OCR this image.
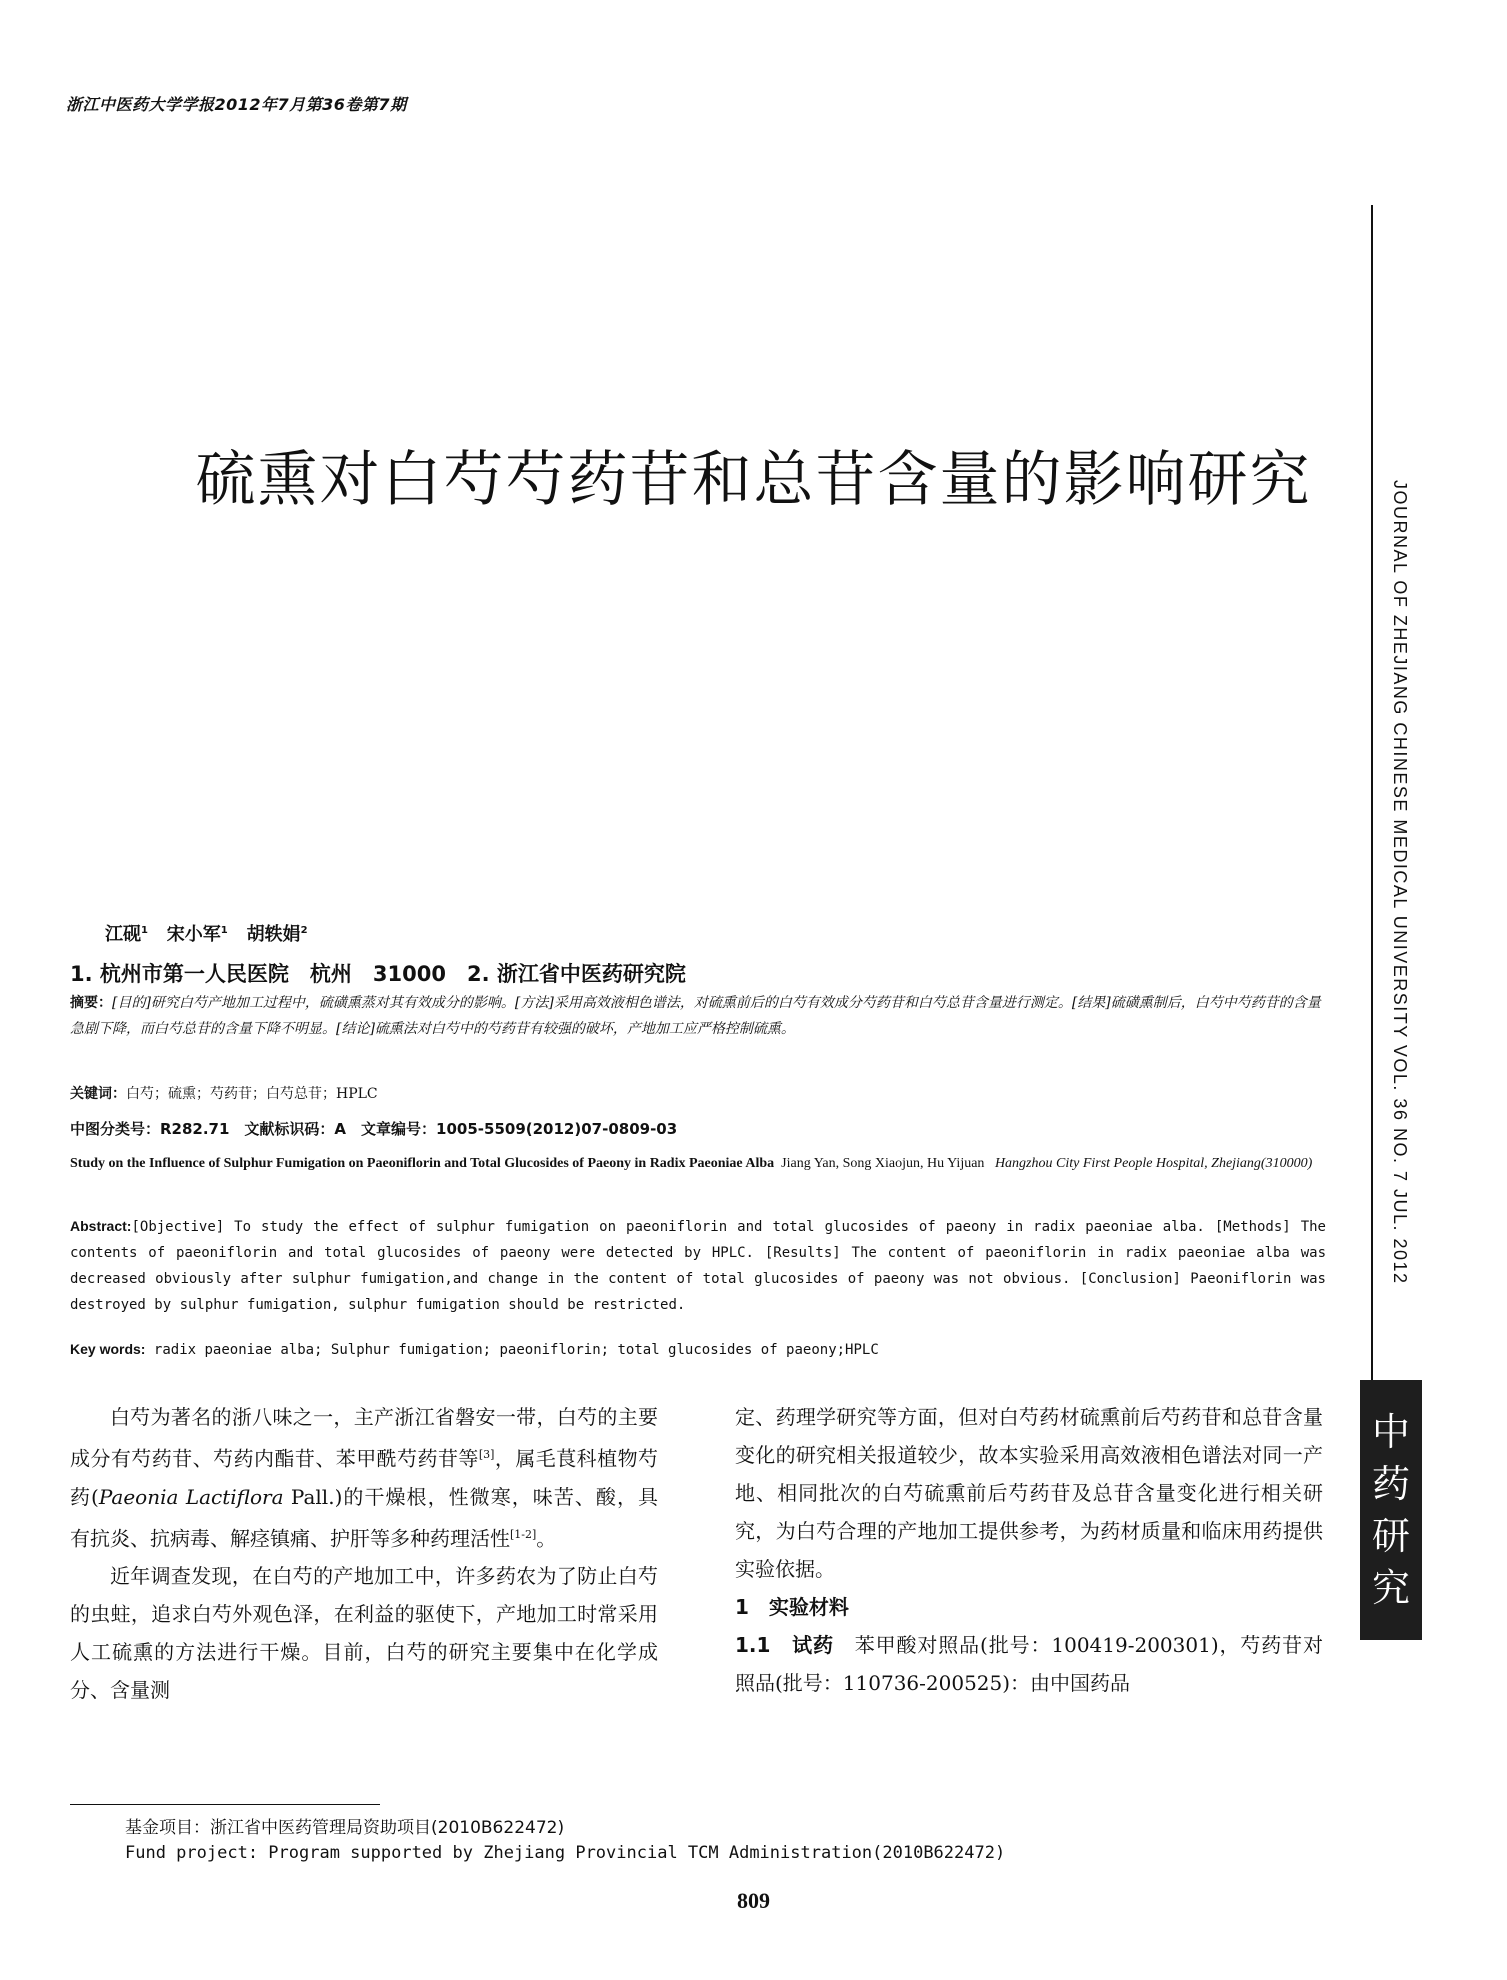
浙江中医药大学学报2012年7月第36卷第7期
JOURNAL OF ZHEJIANG CHINESE MEDICAL UNIVERSITY VOL. 36 NO. 7 JUL. 2012
中
药
研
究
硫熏对白芍芍药苷和总苷含量的影响研究
江砚$^1$ 宋小军$^1$ 胡轶娟$^2$
1. 杭州市第一人民医院　杭州　31000　2. 浙江省中医药研究院
摘要：[目的]研究白芍产地加工过程中，硫磺熏蒸对其有效成分的影响。[方法]采用高效液相色谱法，对硫熏前后的白芍有效成分芍药苷和白芍总苷含量进行测定。[结果]硫磺熏制后，白芍中芍药苷的含量急剧下降，而白芍总苷的含量下降不明显。[结论]硫熏法对白芍中的芍药苷有较强的破坏，产地加工应严格控制硫熏。
关键词：白芍；硫熏；芍药苷；白芍总苷；HPLC
中图分类号：R282.71　文献标识码：A　文章编号：1005-5509(2012)07-0809-03
Study on the Influence of Sulphur Fumigation on Paeoniflorin and Total Glucosides of Paeony in Radix Paeoniae Alba Jiang Yan, Song Xiaojun, Hu Yijuan Hangzhou City First People Hospital, Zhejiang(310000)
Abstract:[Objective] To study the effect of sulphur fumigation on paeoniflorin and total glucosides of paeony in radix paeoniae alba. [Methods] The contents of paeoniflorin and total glucosides of paeony were detected by HPLC. [Results] The content of paeoniflorin in radix paeoniae alba was decreased obviously after sulphur fumigation,and change in the content of total glucosides of paeony was not obvious. [Conclusion] Paeoniflorin was destroyed by sulphur fumigation, sulphur fumigation should be restricted.
Key words: radix paeoniae alba; Sulphur fumigation; paeoniflorin; total glucosides of paeony;HPLC

白芍为著名的浙八味之一，主产浙江省磐安一带，白芍的主要成分有芍药苷、芍药内酯苷、苯甲酰芍药苷等[3]，属毛茛科植物芍药(Paeonia Lactiflora Pall.)的干燥根，性微寒，味苦、酸，具有抗炎、抗病毒、解痉镇痛、护肝等多种药理活性[1-2]。

近年调查发现，在白芍的产地加工中，许多药农为了防止白芍的虫蛀，追求白芍外观色泽，在利益的驱使下，产地加工时常采用人工硫熏的方法进行干燥。目前，白芍的研究主要集中在化学成分、含量测

定、药理学研究等方面，但对白芍药材硫熏前后芍药苷和总苷含量变化的研究相关报道较少，故本实验采用高效液相色谱法对同一产地、相同批次的白芍硫熏前后芍药苷及总苷含量变化进行相关研究，为白芍合理的产地加工提供参考，为药材质量和临床用药提供实验依据。

1　实验材料

1.1　试药　苯甲酸对照品(批号：100419-200301)，芍药苷对照品(批号：110736-200525)：由中国药品

基金项目：浙江省中医药管理局资助项目(2010B622472)
Fund project: Program supported by Zhejiang Provincial TCM Administration(2010B622472)
809
